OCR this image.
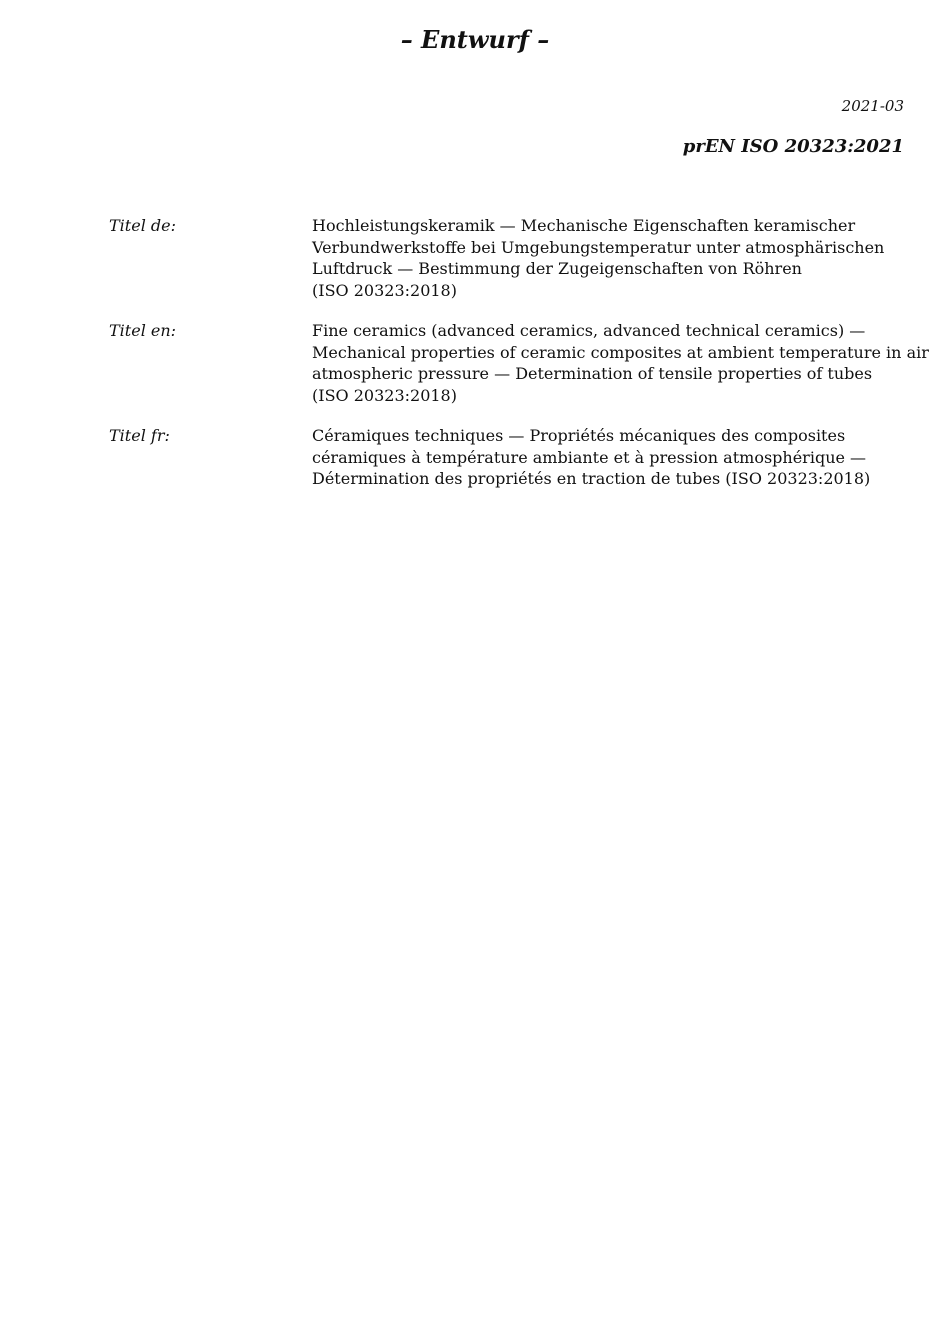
– Entwurf –
2021-03
prEN ISO 20323:2021
Titel de:	Hochleistungskeramik — Mechanische Eigenschaften keramischer
Verbundwerkstoffe bei Umgebungstemperatur unter atmosphärischen
Luftdruck — Bestimmung der Zugeigenschaften von Röhren
(ISO 20323:2018)
Titel en:	Fine ceramics (advanced ceramics, advanced technical ceramics) —
Mechanical properties of ceramic composites at ambient temperature in air
atmospheric pressure — Determination of tensile properties of tubes
(ISO 20323:2018)
Titel fr:	Céramiques techniques — Propriétés mécaniques des composites
céramiques à température ambiante et à pression atmosphérique —
Détermination des propriétés en traction de tubes (ISO 20323:2018)
